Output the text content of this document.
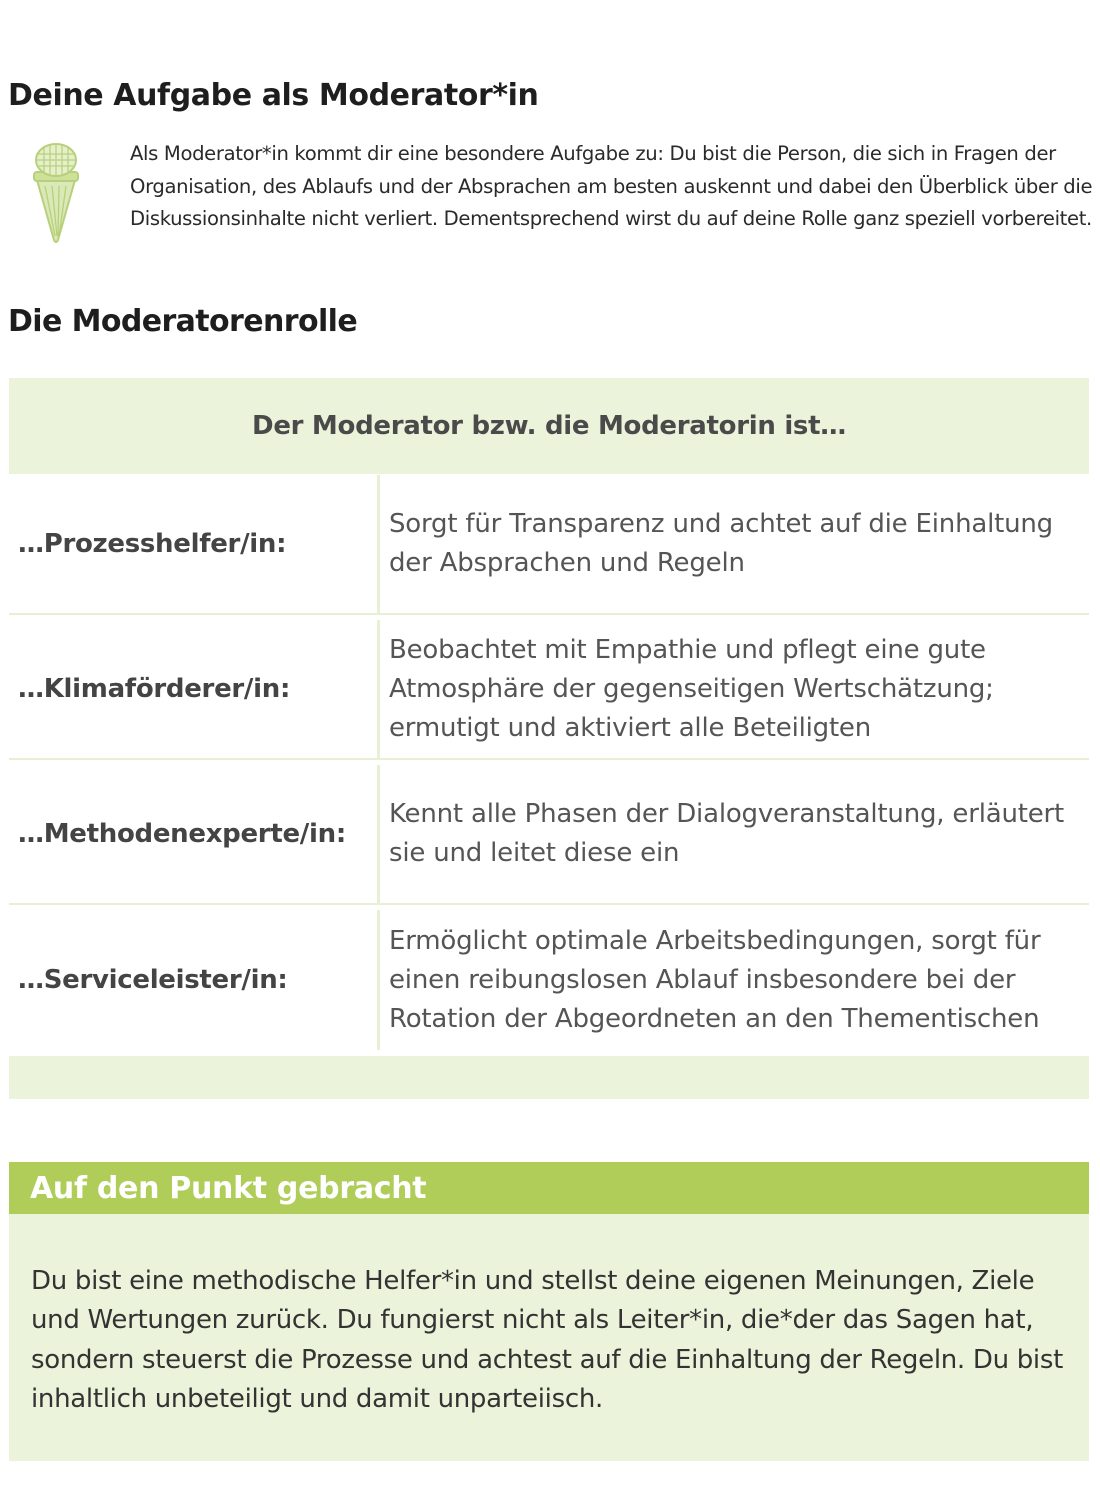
Deine Aufgabe als Moderator*in

Als Moderator*in kommt dir eine besondere Aufgabe zu: Du bist die Person, die sich in Fragen der Organisation, des Ablaufs und der Absprachen am besten auskennt und dabei den Überblick über die Diskussionsinhalte nicht verliert. Dementsprechend wirst du auf deine Rolle ganz speziell vorbereitet.

Die Moderatorenrolle
Der Moderator bzw. die Moderatorin ist…
…Prozesshelfer/in:
Sorgt für Transparenz und achtet auf die Einhaltung der Absprachen und Regeln
…Klimaförderer/in:
Beobachtet mit Empathie und pflegt eine gute Atmosphäre der gegenseitigen Wertschätzung; ermutigt und aktiviert alle Beteiligten
…Methodenexperte/in:
Kennt alle Phasen der Dialogveranstaltung, erläutert sie und leitet diese ein
…Serviceleister/in:
Ermöglicht optimale Arbeitsbedingungen, sorgt für einen reibungslosen Ablauf insbesondere bei der Rotation der Abgeordneten an den Thementischen
Auf den Punkt gebracht

Du bist eine methodische Helfer*in und stellst deine eigenen Meinungen, Ziele und Wertungen zurück. Du fungierst nicht als Leiter*in, die*der das Sagen hat, sondern steuerst die Prozesse und achtest auf die Einhaltung der Regeln. Du bist inhaltlich unbeteiligt und damit unparteiisch.
